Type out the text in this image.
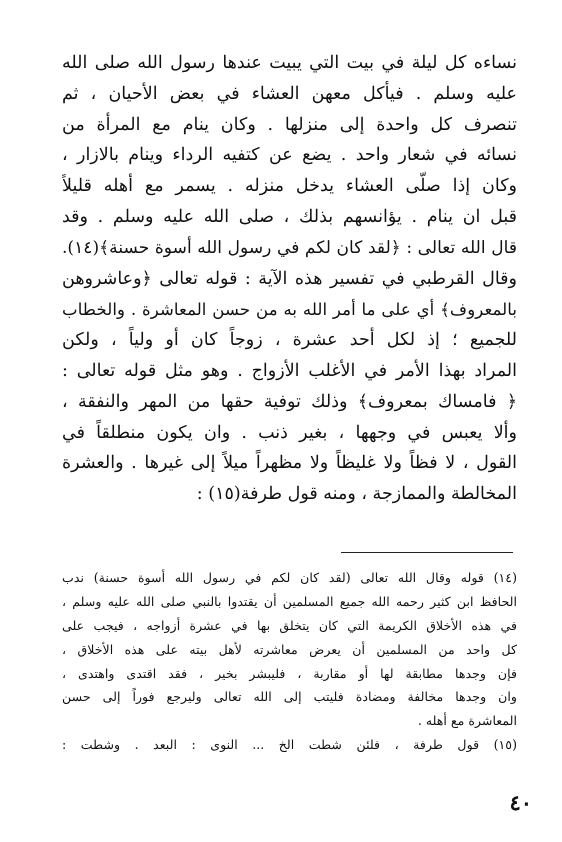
نساءه كل ليلة في بيت التي يبيت عندها رسول الله صلى الله
عليه وسلم . فيأكل معهن العشاء في بعض الأحيان ، ثم
تنصرف كل واحدة إلى منزلها . وكان ينام مع المرأة من
نسائه في شعار واحد . يضع عن كتفيه الرداء وينام بالازار ،
وكان إذا صلّى العشاء يدخل منزله . يسمر مع أهله قليلاً
قبل ان ينام . يؤانسهم بذلك ، صلى الله عليه وسلم . وقد
قال الله تعالى : ﴿لقد كان لكم في رسول الله أسوة حسنة﴾(١٤).
وقال القرطبي في تفسير هذه الآية : قوله تعالى ﴿وعاشروهن
بالمعروف﴾ أي على ما أمر الله به من حسن المعاشرة . والخطاب
للجميع ؛ إذ لكل أحد عشرة ، زوجاً كان أو ولياً ، ولكن
المراد بهذا الأمر في الأغلب الأزواج . وهو مثل قوله تعالى :
﴿ فامساك بمعروف﴾ وذلك توفية حقها من المهر والنفقة ،
وألا يعبس في وجهها ، بغير ذنب . وان يكون منطلقاً في
القول ، لا فظاً ولا غليظاً ولا مظهراً ميلاً إلى غيرها . والعشرة
المخالطة والممازجة ، ومنه قول طرفة(١٥) :
(١٤) قوله وقال الله تعالى (لقد كان لكم في رسول الله أسوة حسنة) ندب
الحافظ ابن كثير رحمه الله جميع المسلمين أن يقتدوا بالنبي صلى الله عليه وسلم ،
في هذه الأخلاق الكريمة التي كان يتخلق بها في عشرة أزواجه ، فيجب على
كل واحد من المسلمين أن يعرض معاشرته لأهل بيته على هذه الأخلاق ،
فإن وجدها مطابقة لها أو مقاربة ، فليبشر بخير ، فقد اقتدى واهتدى ،
وان وجدها مخالفة ومضادة فليتب إلى الله تعالى وليرجع فوراً إلى حسن
المعاشرة مع أهله .
(١٥) قول طرفة ، فلئن شطت الخ ... النوى : البعد . وشطت :
٤٠
